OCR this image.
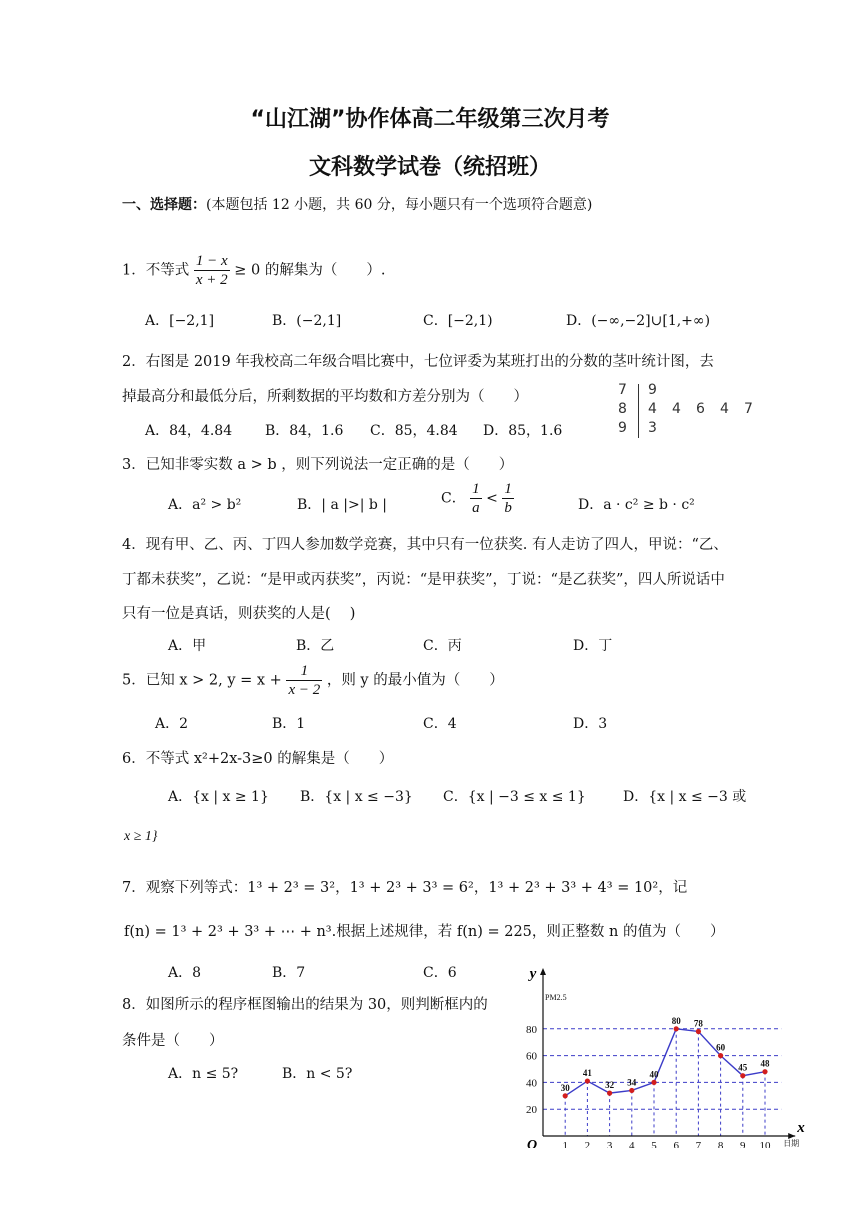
“山江湖”协作体高二年级第三次月考
文科数学试卷（统招班）
一、选择题：(本题包括 12 小题，共 60 分，每小题只有一个选项符合题意)
1．不等式 $\frac{1 - x}{x + 2} \ge 0$ 的解集为（　　）.
A．[−2,1]	B．(−2,1]	C．[−2,1)	D．(−∞,−2]∪[1,+∞)
2．右图是 2019 年我校高二年级合唱比赛中，七位评委为某班打出的分数的茎叶统计图，去
掉最高分和最低分后，所剩数据的平均数和方差分别为（　　）
A．84，4.84 B．84，1.6 C．85，4.84 D．85，1.6
7 9
8 4 4 6 4 7
9 3
3．已知非零实数 a > b ，则下列说法一定正确的是（　　）
A．a² > b²	B．| a |>| b |	C． $\frac{1}{a} < \frac{1}{b}$	D．a · c² ≥ b · c²
4．现有甲、乙、丙、丁四人参加数学竞赛，其中只有一位获奖. 有人走访了四人，甲说：“乙、
丁都未获奖”，乙说：“是甲或丙获奖”，丙说：“是甲获奖”，丁说：“是乙获奖”，四人所说话中
只有一位是真话，则获奖的人是(　 )
A．甲	B．乙	C．丙	D．丁
5．已知 x > 2, $y = x + \frac{1}{x - 2}$ ，则 y 的最小值为（　　）
A．2	B．1	C．4	D．3
6．不等式 x²+2x-3≥0 的解集是（　　）
A．{x | x ≥ 1} B．{x | x ≤ −3} C．{x | −3 ≤ x ≤ 1}	D．{x | x ≤ −3 或
x ≥ 1}
7．观察下列等式：1³ + 2³ = 3²，1³ + 2³ + 3³ = 6²，1³ + 2³ + 3³ + 4³ = 10²，记
f(n) = 1³ + 2³ + 3³ + ⋯ + n³.根据上述规律，若 f(n) = 225，则正整数 n 的值为（　　）
A．8	B．7	C．6
8．如图所示的程序框图输出的结果为 30，则判断框内的
条件是（　　）
A．n ≤ 5?	B．n < 5?
20
40
60
80
1 2 3 4 5 6 7 8 9 10
y
PM2.5
x
日期
O
30
41
32 34
40
80 78
60
45 48
